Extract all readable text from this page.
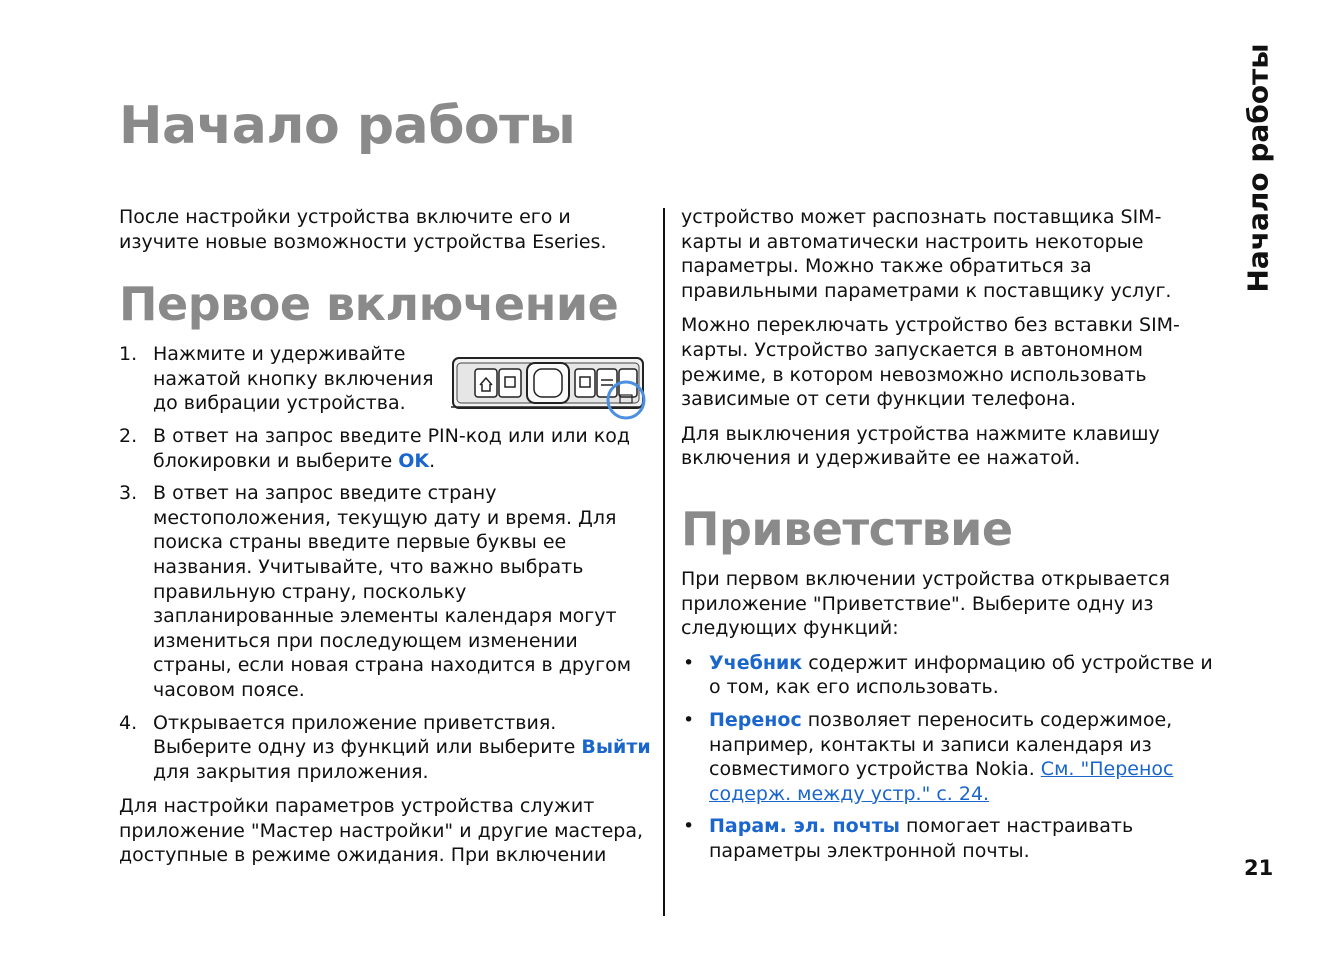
Начало работы	Начало работы

После настройки устройства включите его и изучите новые возможности устройства Eseries.

Первое включение
1. Нажмите и удерживайте нажатой кнопку включения до вибрации устройства.
2. В ответ на запрос введите PIN-код или или код блокировки и выберите OK.
3. В ответ на запрос введите страну местоположения, текущую дату и время. Для поиска страны введите первые буквы ее названия. Учитывайте, что важно выбрать правильную страну, поскольку запланированные элементы календаря могут измениться при последующем изменении страны, если новая страна находится в другом часовом поясе.
4. Открывается приложение приветствия. Выберите одну из функций или выберите Выйти для закрытия приложения.

Для настройки параметров устройства служит приложение "Мастер настройки" и другие мастера, доступные в режиме ожидания. При включении

устройство может распознать поставщика SIM-карты и автоматически настроить некоторые параметры. Можно также обратиться за правильными параметрами к поставщику услуг.

Можно переключать устройство без вставки SIM-карты. Устройство запускается в автономном режиме, в котором невозможно использовать зависимые от сети функции телефона.

Для выключения устройства нажмите клавишу включения и удерживайте ее нажатой.

Приветствие

При первом включении устройства открывается приложение "Приветствие". Выберите одну из следующих функций:

• Учебник содержит информацию об устройстве и о том, как его использовать.
• Перенос позволяет переносить содержимое, например, контакты и записи календаря из совместимого устройства Nokia. См. "Перенос содерж. между устр." с. 24.
• Парам. эл. почты помогает настраивать параметры электронной почты.
21
